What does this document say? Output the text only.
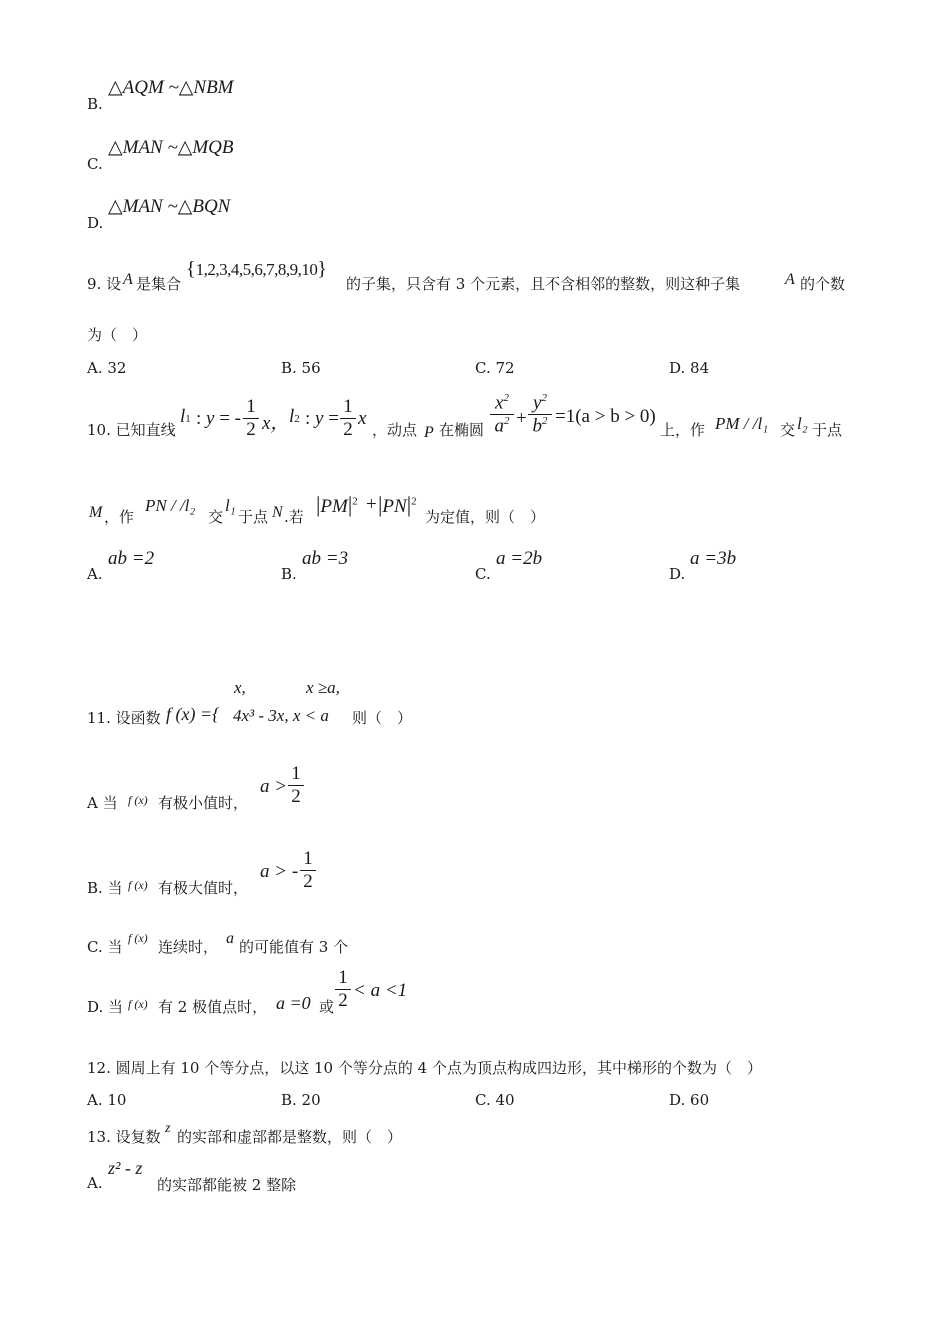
B.
△AQM ~△NBM
C.
△MAN ~△MQB
D.
△MAN ~△BQN
9. 设 A 是集合
{1,2,3,4,5,6,7,8,9,10}
的子集，只含有 3 个元素，且不含相邻的整数，则这种子集	A 的个数
为（　）
A. 32	B. 56	C. 72	D. 84
10. 已知直线
l1 : y = - $\frac{1}{2}$ x， l2 : $y = \frac{1}{2}$ x
，动点 P 在椭圆 $\frac{x^2}{a^2} + \frac{y^2}{b^2} =1(a > b > 0)$
上，作 PM / /l₁ 交 l₂ 于点
M ，作
PN / /l₂
交
l₁
于点 N .若 $|PM|^2 + |PN|^2$
为定值，则（　）
A.
ab =2
B.
ab =3
C.
a =2b
D.
a =3b
x,	x ≥a,
11. 设函数 f (x) ={ 4x³ - 3x, x < a 则（　）
A 当 f (x) 有极小值时，
$a > \frac{1}{2}$
B. 当 f (x) 有极大值时，
a > - $\frac{1}{2}$
C. 当 f (x) 连续时， a 的可能值有 3 个
D. 当 f (x) 有 2 极值点时， a =0 或 $\frac{1}{2} < a <1$
12. 圆周上有 10 个等分点，以这 10 个等分点的 4 个点为顶点构成四边形，其中梯形的个数为（　）
A. 10	B. 20	C. 40	D. 60
13. 设复数 z 的实部和虚部都是整数，则（　）
A.
z² - z
的实部都能被 2 整除
